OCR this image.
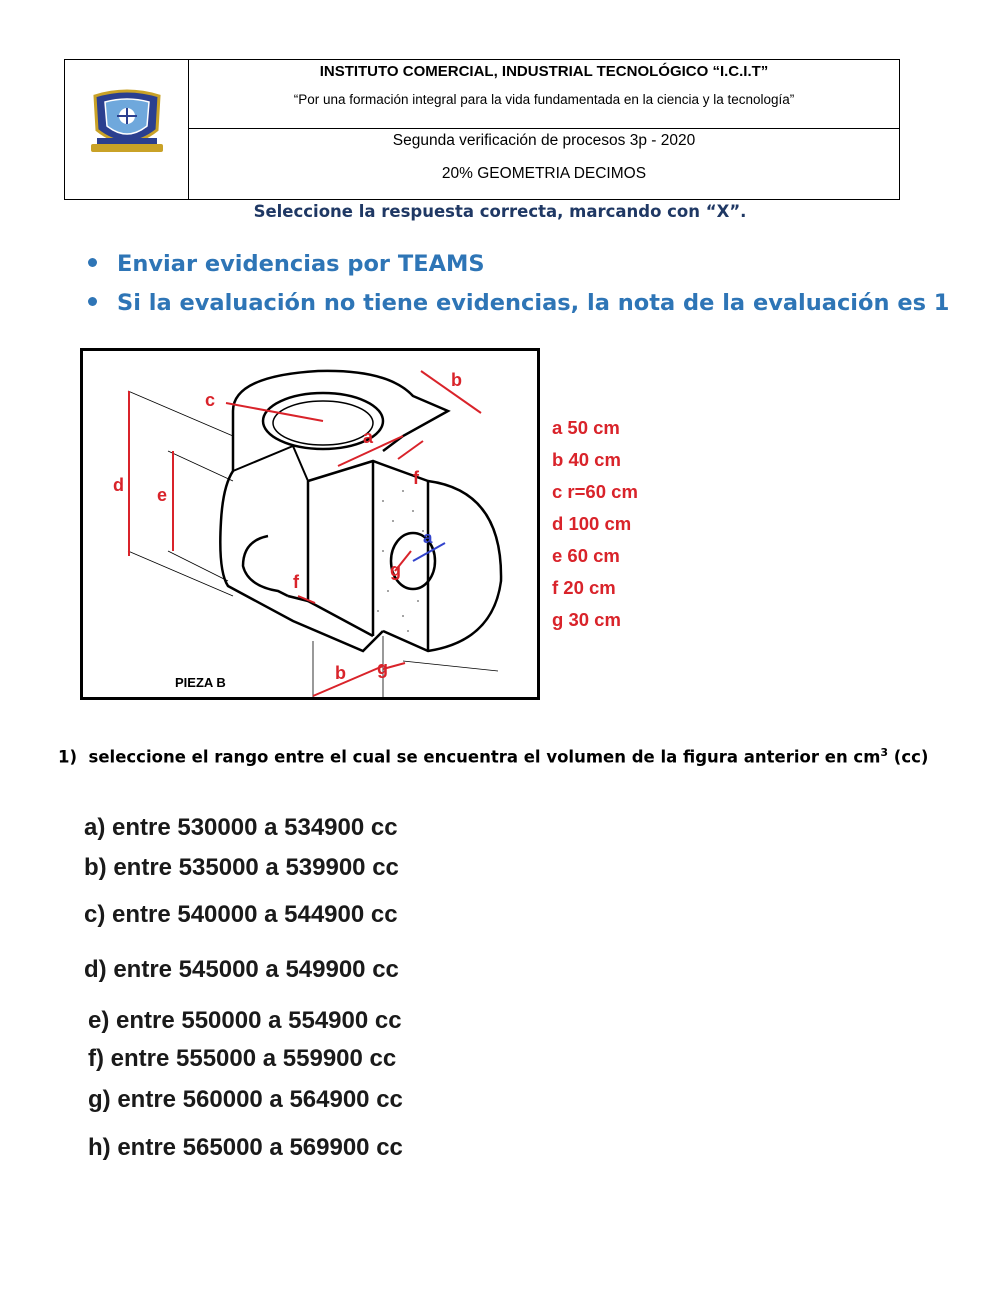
INSTITUTO COMERCIAL, INDUSTRIAL TECNOLÓGICO “I.C.I.T”
“Por una formación integral para la vida fundamentada en la ciencia y la tecnología”
Segunda verificación de procesos 3p - 2020
20% GEOMETRIA DECIMOS
Seleccione la respuesta correcta, marcando con “X”.
Enviar evidencias por TEAMS
Si la evaluación no tiene evidencias, la nota de la evaluación es 1
c
a
b
d e
f
f
g
b g
a
PIEZA B
a 50 cm
b 40 cm
c r=60 cm
d 100 cm
e 60 cm
f 20 cm
g 30 cm
1) seleccione el rango entre el cual se encuentra el volumen de la figura anterior en $cm^3$ (cc)
a) entre 530000 a 534900 cc
b) entre 535000 a 539900 cc
c) entre 540000 a 544900 cc
d) entre 545000 a 549900 cc
e) entre 550000 a 554900 cc
f) entre 555000 a 559900 cc
g) entre 560000 a 564900 cc
h) entre 565000 a 569900 cc
